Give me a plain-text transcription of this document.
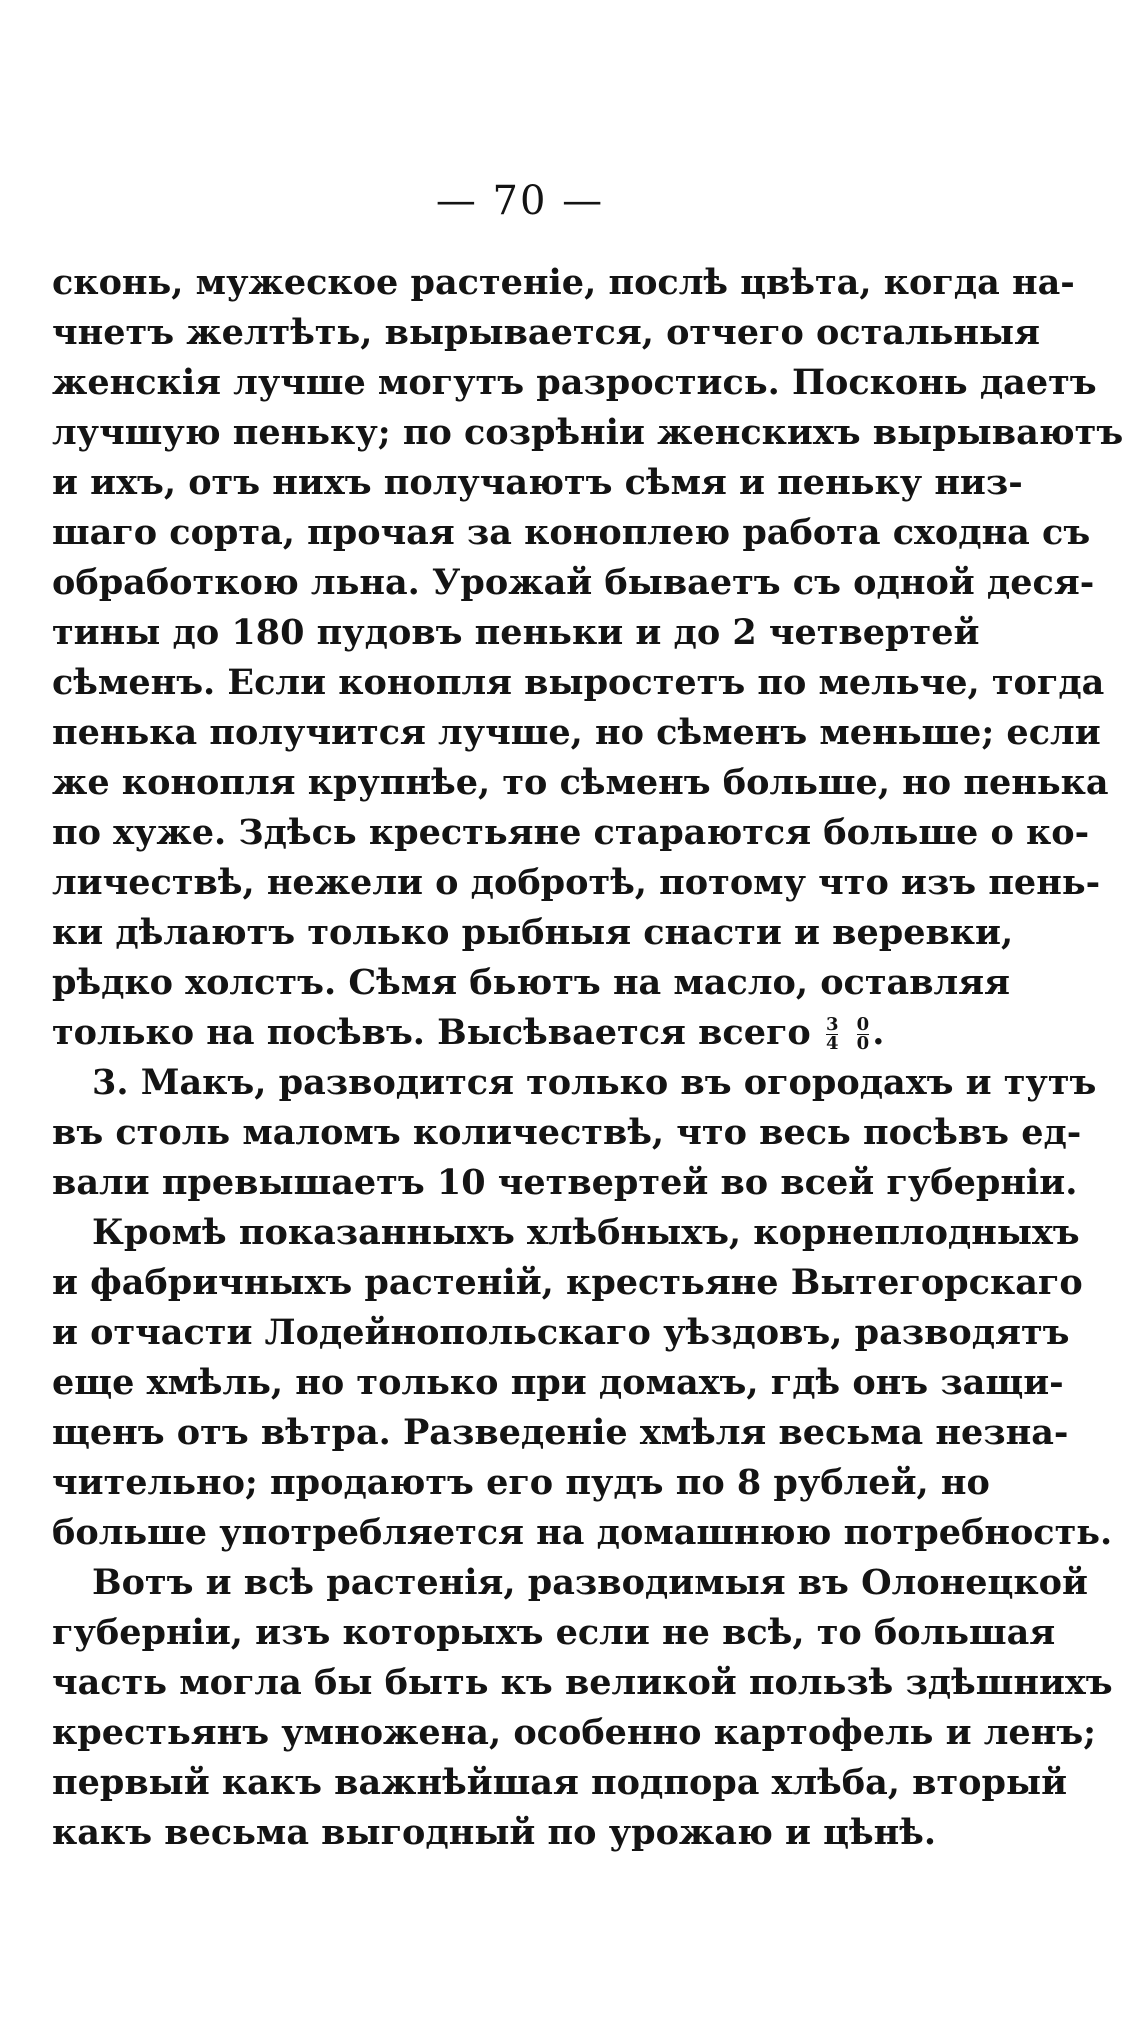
— 70 —
сконь, мужеское растеніе, послѣ цвѣта, когда на-
чнетъ желтѣть, вырывается, отчего остальныя
женскія лучше могутъ разростись. Посконь даетъ
лучшую пеньку; по созрѣніи женскихъ вырываютъ
и ихъ, отъ нихъ получаютъ сѣмя и пеньку низ-
шаго сорта, прочая за коноплею работа сходна съ
обработкою льна. Урожай бываетъ съ одной деся-
тины до 180 пудовъ пеньки и до 2 четвертей
сѣменъ. Если конопля выростетъ по мельче, тогда
пенька получится лучше, но сѣменъ меньше; если
же конопля крупнѣе, то сѣменъ больше, но пенька
по хуже. Здѣсь крестьяне стараются больше о ко-
личествѣ, нежели о добротѣ, потому что изъ пень-
ки дѣлаютъ только рыбныя снасти и веревки,
рѣдко холстъ. Сѣмя бьютъ на масло, оставляя
только на посѣвъ. Высѣвается всего $\frac{3}{4}$
$\frac{0}{0}$ .
3. Макъ, разводится только въ огородахъ и тутъ
въ столь маломъ количествѣ, что весь посѣвъ ед-
вали превышаетъ 10 четвертей во всей губерніи.
Кромѣ показанныхъ хлѣбныхъ, корнеплодныхъ
и фабричныхъ растеній, крестьяне Вытегорскаго
и отчасти Лодейнопольскаго уѣздовъ, разводятъ
еще хмѣль, но только при домахъ, гдѣ онъ защи-
щенъ отъ вѣтра. Разведеніе хмѣля весьма незна-
чительно; продаютъ его пудъ по 8 рублей, но
больше употребляется на домашнюю потребность.
Вотъ и всѣ растенія, разводимыя въ Олонецкой
губерніи, изъ которыхъ если не всѣ, то большая
часть могла бы быть къ великой пользѣ здѣшнихъ
крестьянъ умножена, особенно картофель и ленъ;
первый какъ важнѣйшая подпора хлѣба, вторый
какъ весьма выгодный по урожаю и цѣнѣ.
